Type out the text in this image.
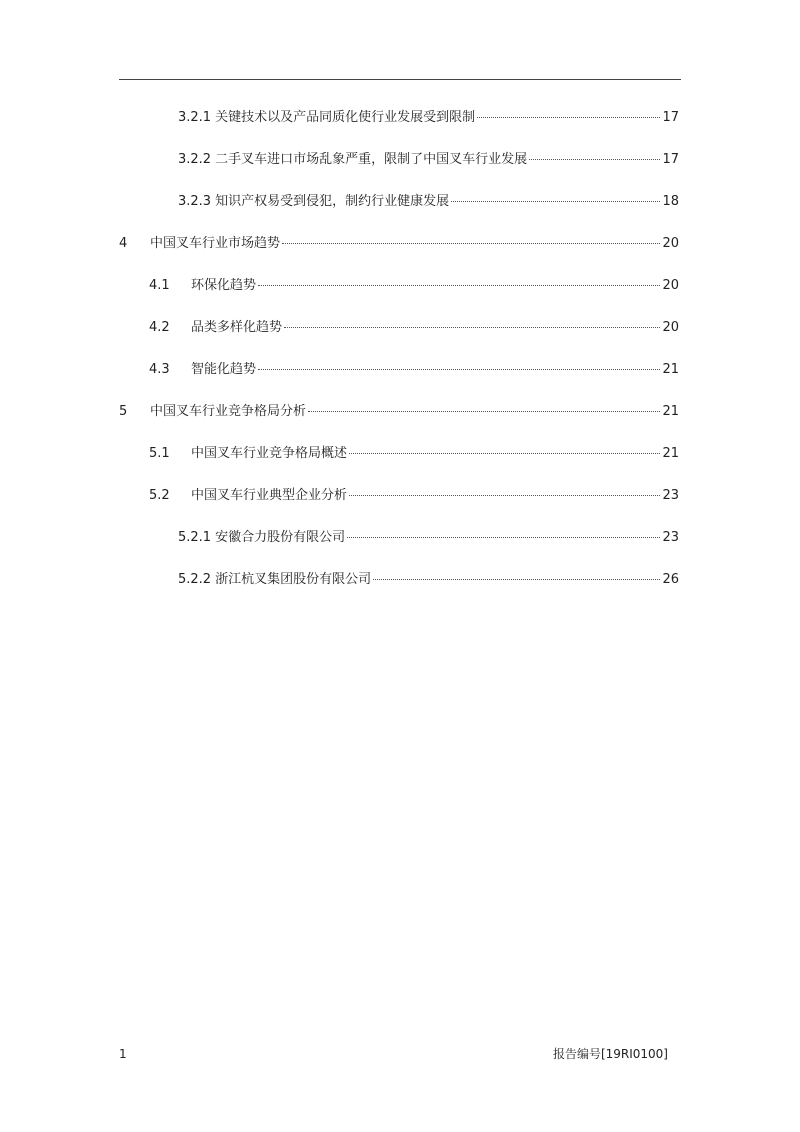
3.2.1 关键技术以及产品同质化使行业发展受到限制	17
3.2.2 二手叉车进口市场乱象严重，限制了中国叉车行业发展	17
3.2.3 知识产权易受到侵犯，制约行业健康发展	18
4	中国叉车行业市场趋势	20
4.1	环保化趋势	20
4.2	品类多样化趋势	20
4.3	智能化趋势	21
5	中国叉车行业竞争格局分析	21
5.1	中国叉车行业竞争格局概述	21
5.2	中国叉车行业典型企业分析	23
5.2.1 安徽合力股份有限公司	23
5.2.2 浙江杭叉集团股份有限公司	26
1	报告编号[19RI0100]
